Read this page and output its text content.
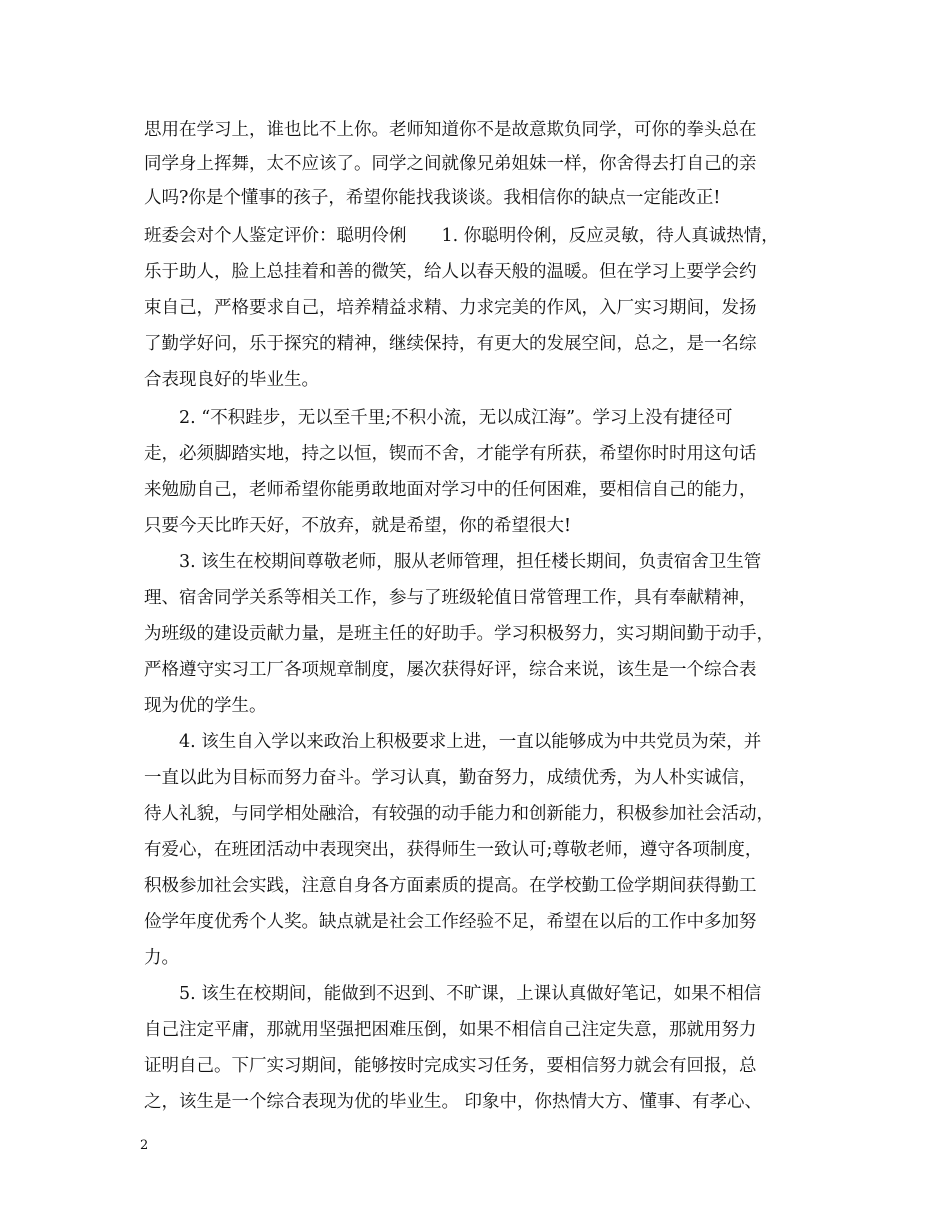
思用在学习上，谁也比不上你。老师知道你不是故意欺负同学，可你的拳头总在
同学身上挥舞，太不应该了。同学之间就像兄弟姐妹一样，你舍得去打自己的亲
人吗?你是个懂事的孩子，希望你能找我谈谈。我相信你的缺点一定能改正!
班委会对个人鉴定评价：聪明伶俐　　1. 你聪明伶俐，反应灵敏，待人真诚热情，
乐于助人，脸上总挂着和善的微笑，给人以春天般的温暖。但在学习上要学会约
束自己，严格要求自己，培养精益求精、力求完美的作风，入厂实习期间，发扬
了勤学好问，乐于探究的精神，继续保持，有更大的发展空间，总之，是一名综
合表现良好的毕业生。
　　2. “不积跬步，无以至千里;不积小流，无以成江海”。学习上没有捷径可
走，必须脚踏实地，持之以恒，锲而不舍，才能学有所获，希望你时时用这句话
来勉励自己，老师希望你能勇敢地面对学习中的任何困难，要相信自己的能力，
只要今天比昨天好，不放弃，就是希望，你的希望很大!
　　3. 该生在校期间尊敬老师，服从老师管理，担任楼长期间，负责宿舍卫生管
理、宿舍同学关系等相关工作，参与了班级轮值日常管理工作，具有奉献精神，
为班级的建设贡献力量，是班主任的好助手。学习积极努力，实习期间勤于动手，
严格遵守实习工厂各项规章制度，屡次获得好评，综合来说，该生是一个综合表
现为优的学生。
　　4. 该生自入学以来政治上积极要求上进，一直以能够成为中共党员为荣，并
一直以此为目标而努力奋斗。学习认真，勤奋努力，成绩优秀，为人朴实诚信，
待人礼貌，与同学相处融洽，有较强的动手能力和创新能力，积极参加社会活动，
有爱心，在班团活动中表现突出，获得师生一致认可;尊敬老师，遵守各项制度，
积极参加社会实践，注意自身各方面素质的提高。在学校勤工俭学期间获得勤工
俭学年度优秀个人奖。缺点就是社会工作经验不足，希望在以后的工作中多加努
力。
　　5. 该生在校期间，能做到不迟到、不旷课，上课认真做好笔记，如果不相信
自己注定平庸，那就用坚强把困难压倒，如果不相信自己注定失意，那就用努力
证明自己。下厂实习期间，能够按时完成实习任务，要相信努力就会有回报，总
之，该生是一个综合表现为优的毕业生。 印象中，你热情大方、懂事、有孝心、
2
